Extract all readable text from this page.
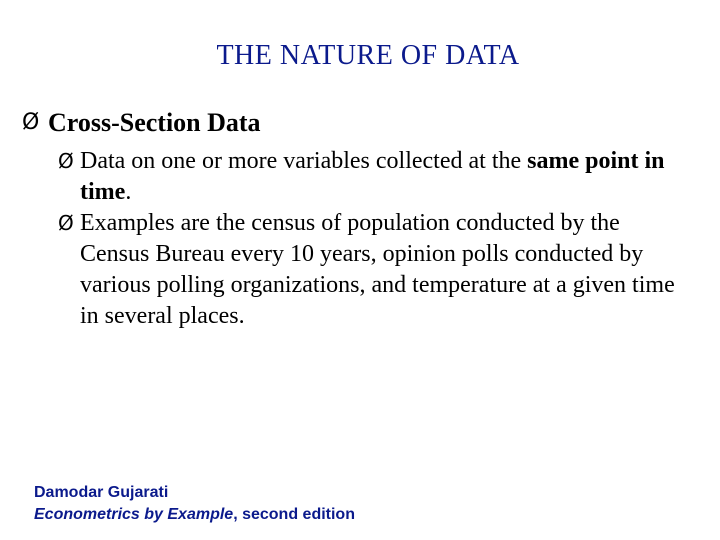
THE NATURE OF DATA
Ø Cross-Section Data
Ø Data on one or more variables collected at the same point in time.
Ø Examples are the census of population conducted by the Census Bureau every 10 years, opinion polls conducted by various polling organizations, and temperature at a given time in several places.
Damodar Gujarati
Econometrics by Example, second edition
